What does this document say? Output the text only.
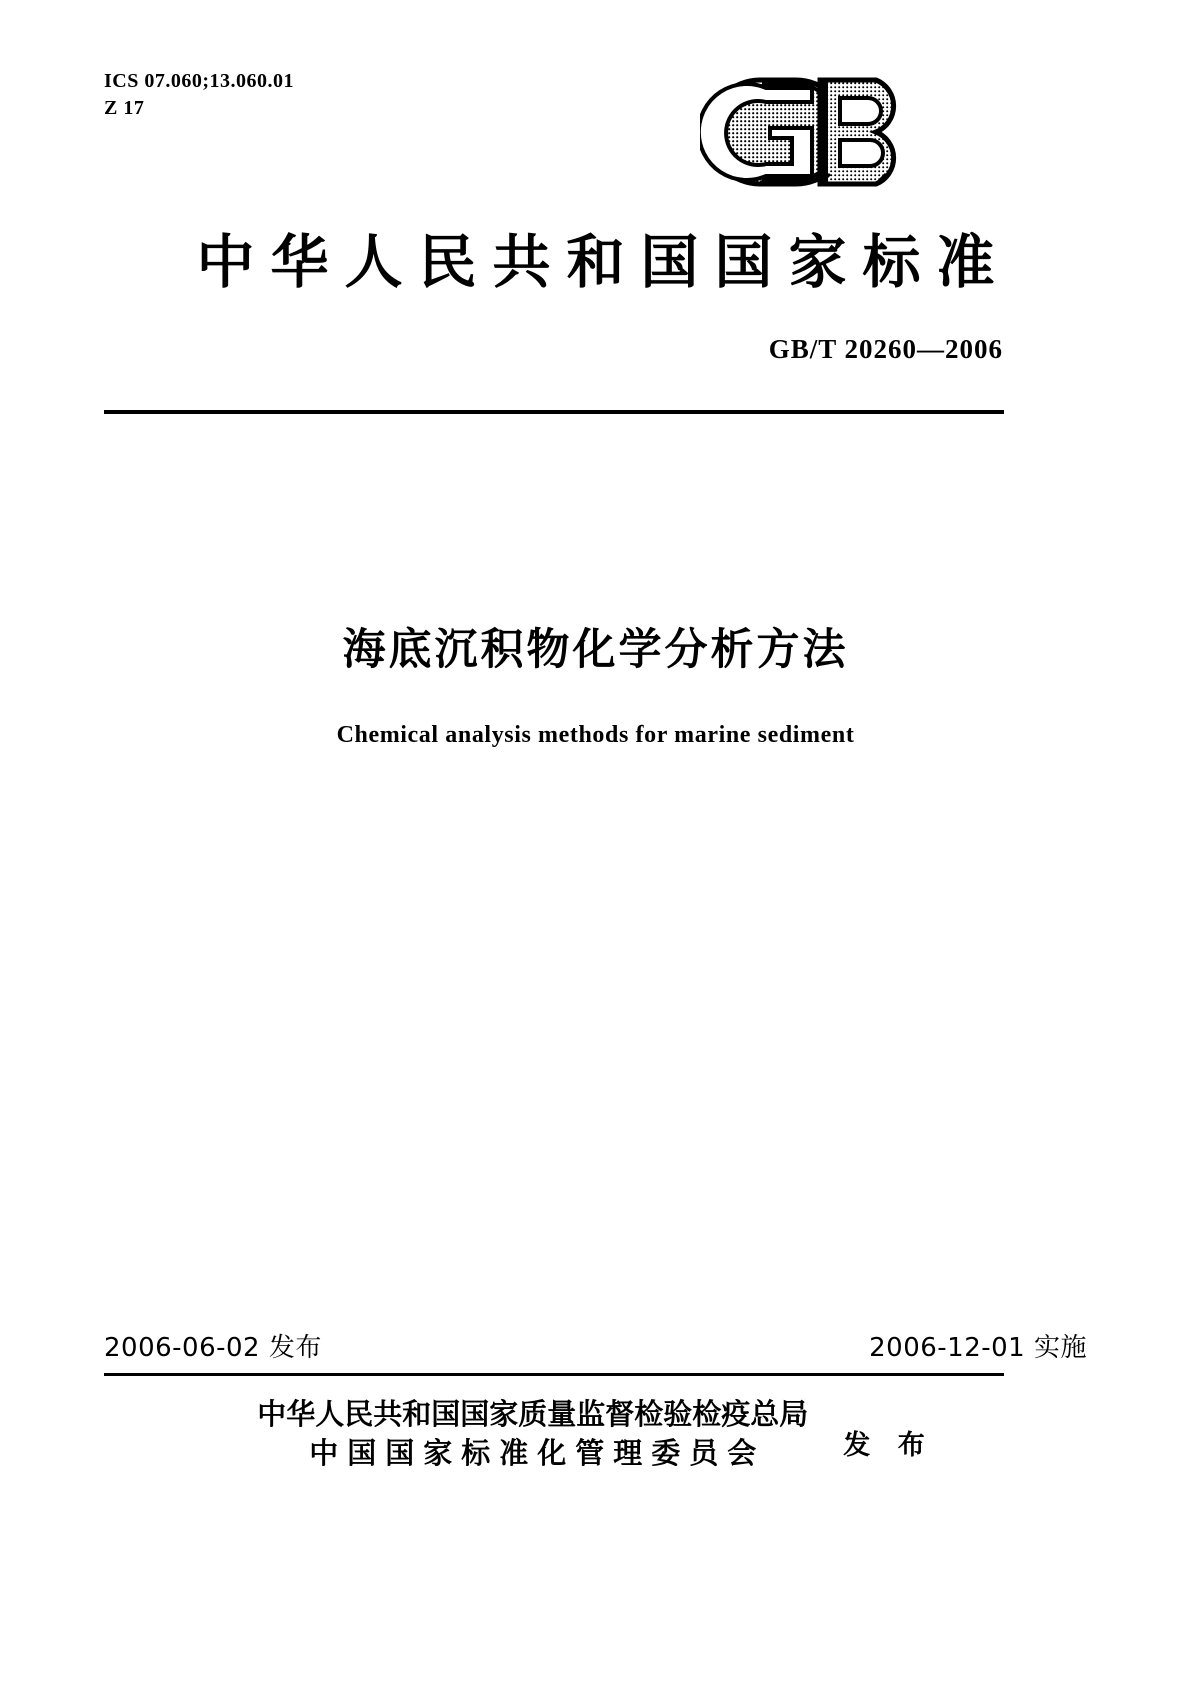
ICS 07.060;13.060.01
Z 17
中华人民共和国国家标准
GB/T 20260—2006
海底沉积物化学分析方法
Chemical analysis methods for marine sediment
2006-06-02 发布	2006-12-01 实施
中华人民共和国国家质量监督检验检疫总局
中国国家标准化管理委员会	发 布
